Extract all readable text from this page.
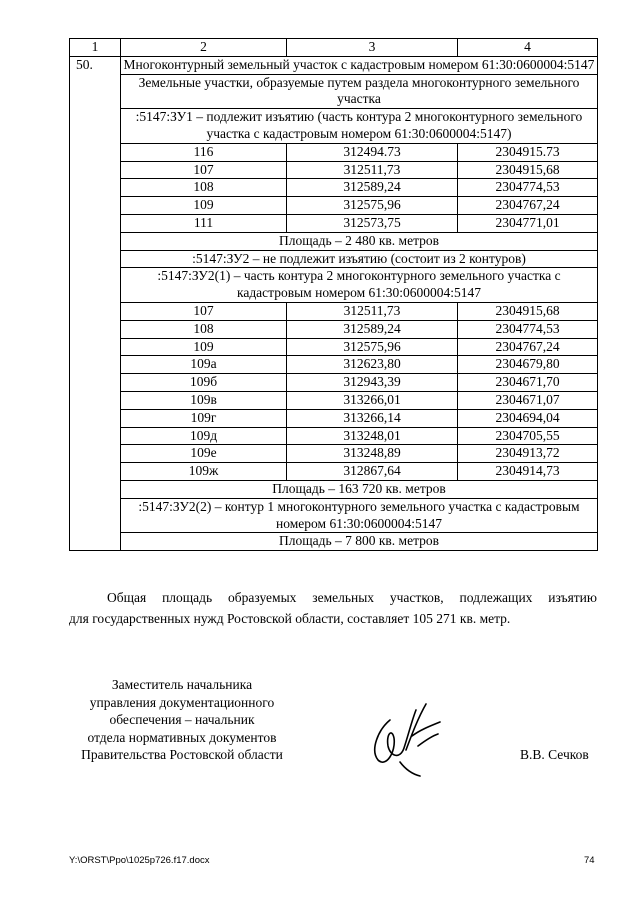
1	2	3	4
50.	Многоконтурный земельный участок с кадастровым номером 61:30:0600004:5147		
	Земельные участки, образуемые путем раздела многоконтурного земельного участка		
	:5147:ЗУ1 – подлежит изъятию (часть контура 2 многоконтурного земельного участка с кадастровым номером 61:30:0600004:5147)		
	116	312494.73	2304915.73
	107	312511,73	2304915,68
	108	312589,24	2304774,53
	109	312575,96	2304767,24
	111	312573,75	2304771,01
	Площадь – 2 480 кв. метров		
	:5147:ЗУ2 – не подлежит изъятию (состоит из 2 контуров)		
	:5147:ЗУ2(1) – часть контура 2 многоконтурного земельного участка с кадастровым номером 61:30:0600004:5147		
	107	312511,73	2304915,68
	108	312589,24	2304774,53
	109	312575,96	2304767,24
	109а	312623,80	2304679,80
	109б	312943,39	2304671,70
	109в	313266,01	2304671,07
	109г	313266,14	2304694,04
	109д	313248,01	2304705,55
	109е	313248,89	2304913,72
	109ж	312867,64	2304914,73
	Площадь – 163 720 кв. метров		
	:5147:ЗУ2(2) – контур 1 многоконтурного земельного участка с кадастровым номером 61:30:0600004:5147		
	Площадь – 7 800 кв. метров		
Общая площадь образуемых земельных участков, подлежащих изъятию
для государственных нужд Ростовской области, составляет 105 271 кв. метр.
Заместитель начальника
управления документационного
обеспечения – начальник
отдела нормативных документов
Правительства Ростовской области	В.В. Сечков
Y:\ORST\Ppo\1025p726.f17.docx	74
